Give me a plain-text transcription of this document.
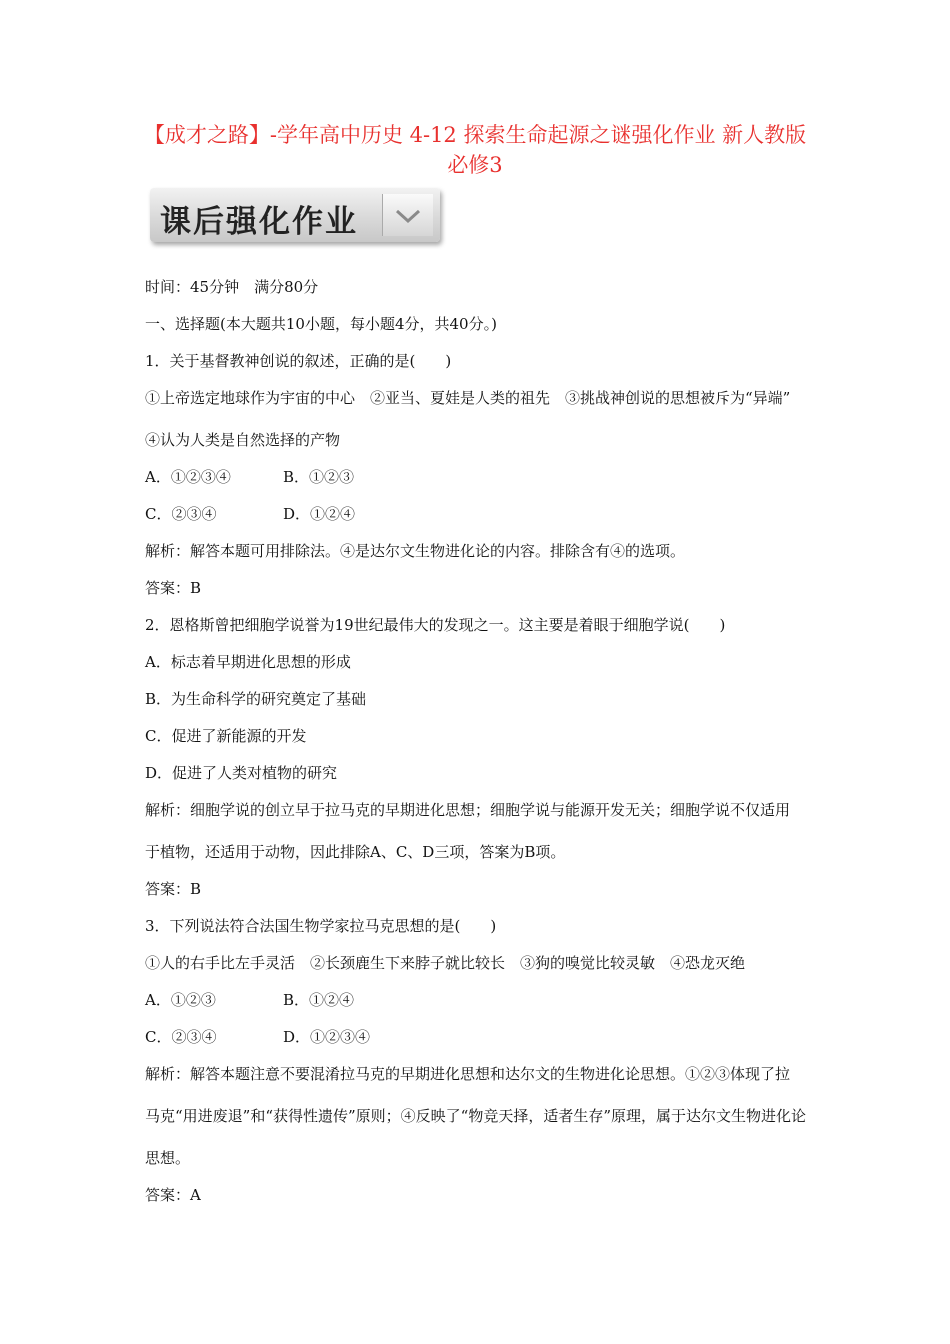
【成才之路】-学年高中历史 4-12 探索生命起源之谜强化作业 新人教版
必修3
课后强化作业
时间：45分钟　满分80分
一、选择题(本大题共10小题，每小题4分，共40分。)
1．关于基督教神创说的叙述，正确的是(　　)
①上帝选定地球作为宇宙的中心　②亚当、夏娃是人类的祖先　③挑战神创说的思想被斥为“异端”
④认为人类是自然选择的产物
A．①②③④	B．①②③
C．②③④	D．①②④
解析：解答本题可用排除法。④是达尔文生物进化论的内容。排除含有④的选项。
答案：B
2．恩格斯曾把细胞学说誉为19世纪最伟大的发现之一。这主要是着眼于细胞学说(　　)
A．标志着早期进化思想的形成
B．为生命科学的研究奠定了基础
C．促进了新能源的开发
D．促进了人类对植物的研究
解析：细胞学说的创立早于拉马克的早期进化思想；细胞学说与能源开发无关；细胞学说不仅适用
于植物，还适用于动物，因此排除A、C、D三项，答案为B项。
答案：B
3．下列说法符合法国生物学家拉马克思想的是(　　)
①人的右手比左手灵活　②长颈鹿生下来脖子就比较长　③狗的嗅觉比较灵敏　④恐龙灭绝
A．①②③	B．①②④
C．②③④	D．①②③④
解析：解答本题注意不要混淆拉马克的早期进化思想和达尔文的生物进化论思想。①②③体现了拉
马克“用进废退”和“获得性遗传”原则；④反映了“物竞天择，适者生存”原理，属于达尔文生物进化论
思想。
答案：A
